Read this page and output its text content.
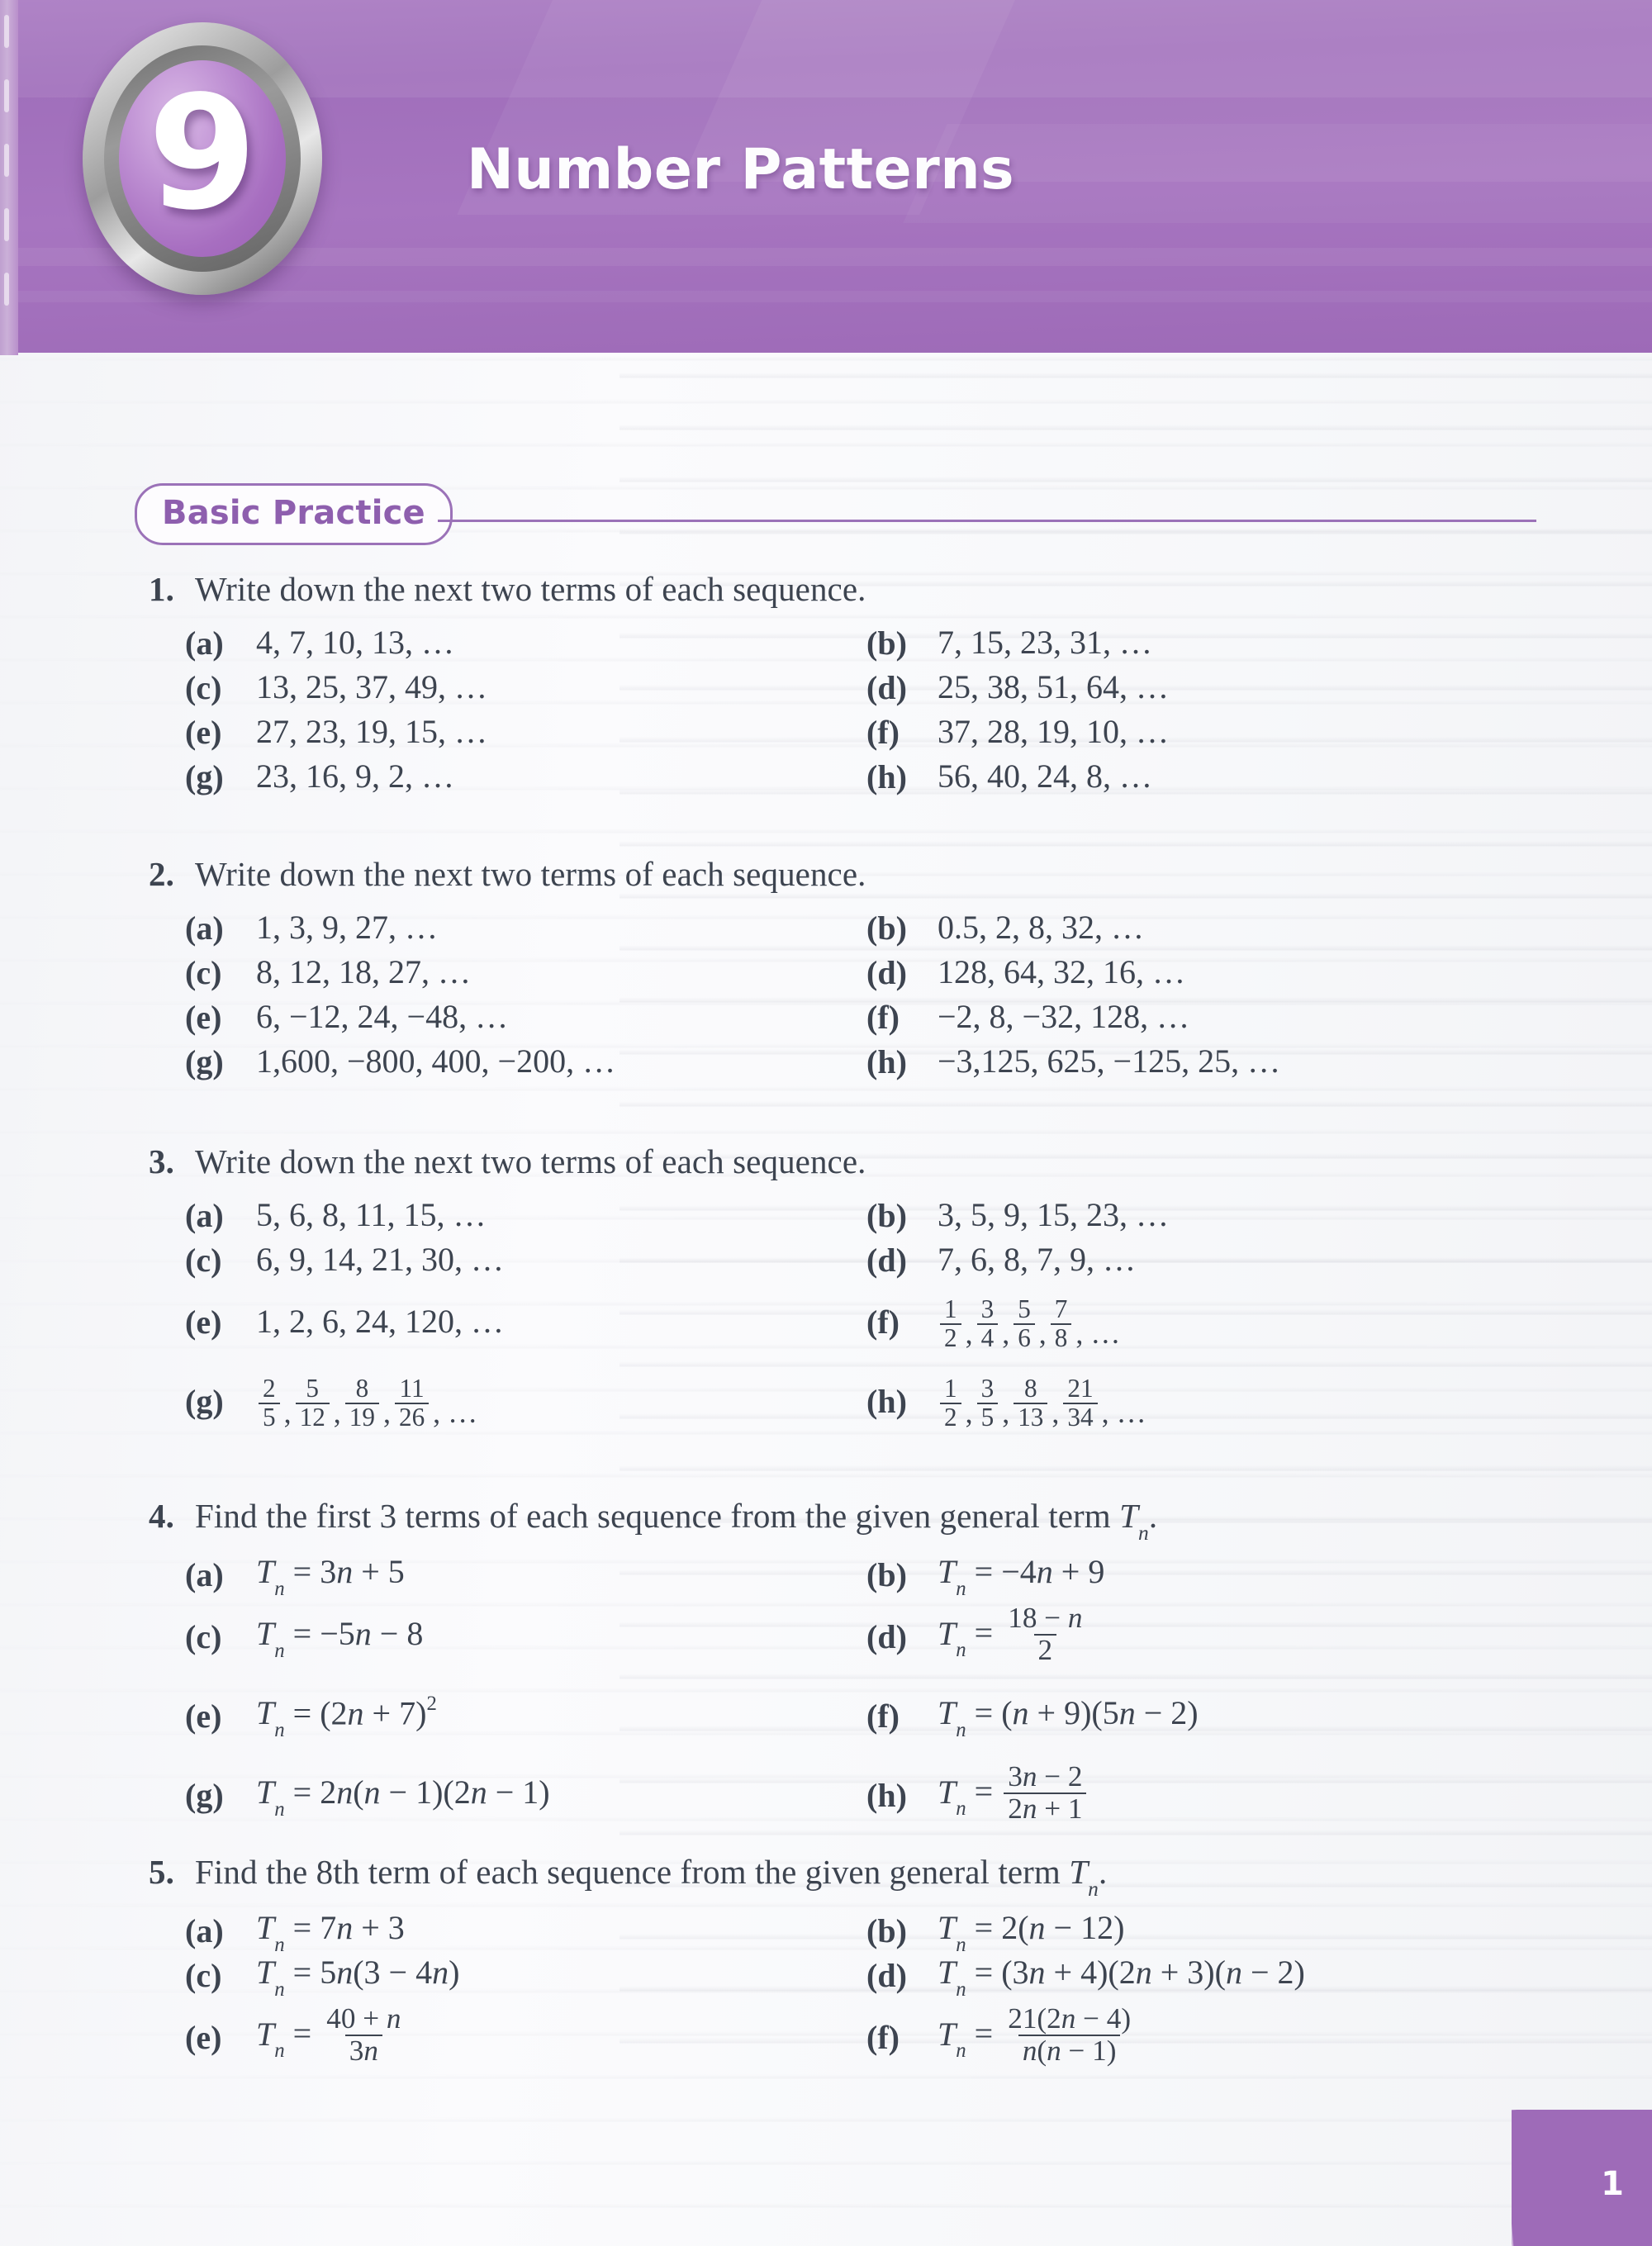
9	Number Patterns
Basic Practice
1. Write down the next two terms of each sequence.
(a) 4, 7, 10, 13, …	(b) 7, 15, 23, 31, …
(c)	13, 25, 37, 49, …	(d) 25, 38, 51, 64, …
(e)	27, 23, 19, 15, …	(f)	37, 28, 19, 10, …
(g) 23, 16, 9, 2, …	(h) 56, 40, 24, 8, …
2. Write down the next two terms of each sequence.
(a) 1, 3, 9, 27, …	(b) 0.5, 2, 8, 32, …
(c)	8, 12, 18, 27, …	(d) 128, 64, 32, 16, …
(e)	6, −12, 24, −48, …	(f)	−2, 8, −32, 128, …
(g) 1,600, −800, 400, −200, …	(h) −3,125, 625, −125, 25, …
3. Write down the next two terms of each sequence.
(a) 5, 6, 8, 11, 15, …	(b) 3, 5, 9, 15, 23, …
(c)	6, 9, 14, 21, 30, …	(d) 7, 6, 8, 7, 9, …
(e)	1, 2, 6, 24, 120, …	(f)	$\frac{1}{2}$ , $\frac{3}{4}$ , $\frac{5}{6}$ , $\frac{7}{8}$ , …
(g)	$\frac{2}{5}$ , $\frac{5}{12}$ , $\frac{8}{19}$ , $\frac{11}{26}$ , …	(h)	$\frac{1}{2}$ , $\frac{3}{5}$ , $\frac{8}{13}$ , $\frac{21}{34}$ , …
4. Find the first 3 terms of each sequence from the given general term $T_n$.
(a) $T_n = 3n + 5$	(b) $T_n = -4n + 9$
(c)	$T_n = -5n - 8$	(d) $T_n = \frac{18 - n}{2}$
(e)	$T_n = (2n + 7)^2$	(f)	$T_n = (n + 9)(5n - 2)$
(g) $T_n = 2n(n - 1)(2n - 1)$	(h) $T_n = \frac{3n - 2}{2n + 1}$
5. Find the 8th term of each sequence from the given general term $T_n$.
(a) $T_n = 7n + 3$	(b) $T_n = 2(n - 12)$
(c)	$T_n = 5n(3 - 4n)$	(d) $T_n = (3n + 4)(2n + 3)(n - 2)$
(e)	$T_n = \frac{40 + n}{3n}$	(f)	$T_n = \frac{21(2n - 4)}{n(n - 1)}$
1
